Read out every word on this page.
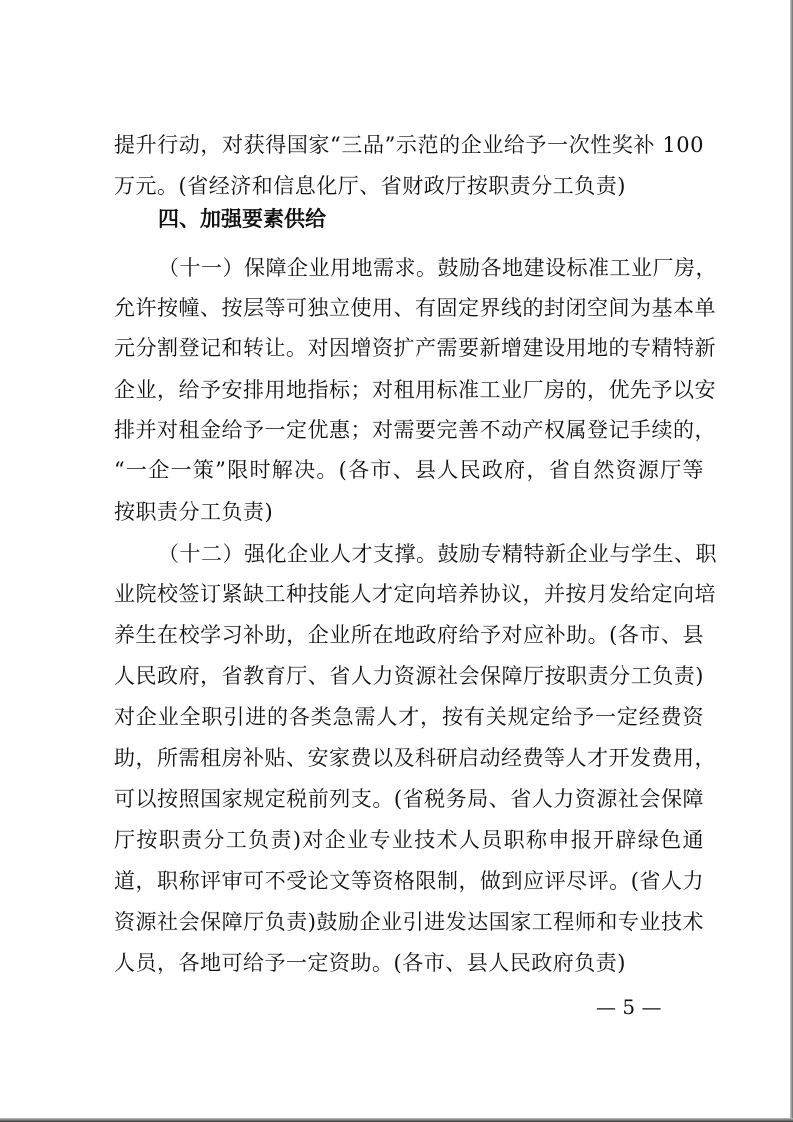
提升行动，对获得国家“三品”示范的企业给予一次性奖补 100
万元。(省经济和信息化厅、省财政厅按职责分工负责)
四、加强要素供给
（十一）保障企业用地需求。鼓励各地建设标准工业厂房，
允许按幢、按层等可独立使用、有固定界线的封闭空间为基本单
元分割登记和转让。对因增资扩产需要新增建设用地的专精特新
企业，给予安排用地指标；对租用标准工业厂房的，优先予以安
排并对租金给予一定优惠；对需要完善不动产权属登记手续的，
“一企一策”限时解决。(各市、县人民政府，省自然资源厅等
按职责分工负责)
（十二）强化企业人才支撑。鼓励专精特新企业与学生、职
业院校签订紧缺工种技能人才定向培养协议，并按月发给定向培
养生在校学习补助，企业所在地政府给予对应补助。(各市、县
人民政府，省教育厅、省人力资源社会保障厅按职责分工负责)
对企业全职引进的各类急需人才，按有关规定给予一定经费资
助，所需租房补贴、安家费以及科研启动经费等人才开发费用，
可以按照国家规定税前列支。(省税务局、省人力资源社会保障
厅按职责分工负责)对企业专业技术人员职称申报开辟绿色通
道，职称评审可不受论文等资格限制，做到应评尽评。(省人力
资源社会保障厅负责)鼓励企业引进发达国家工程师和专业技术
人员，各地可给予一定资助。(各市、县人民政府负责)
— 5 —
